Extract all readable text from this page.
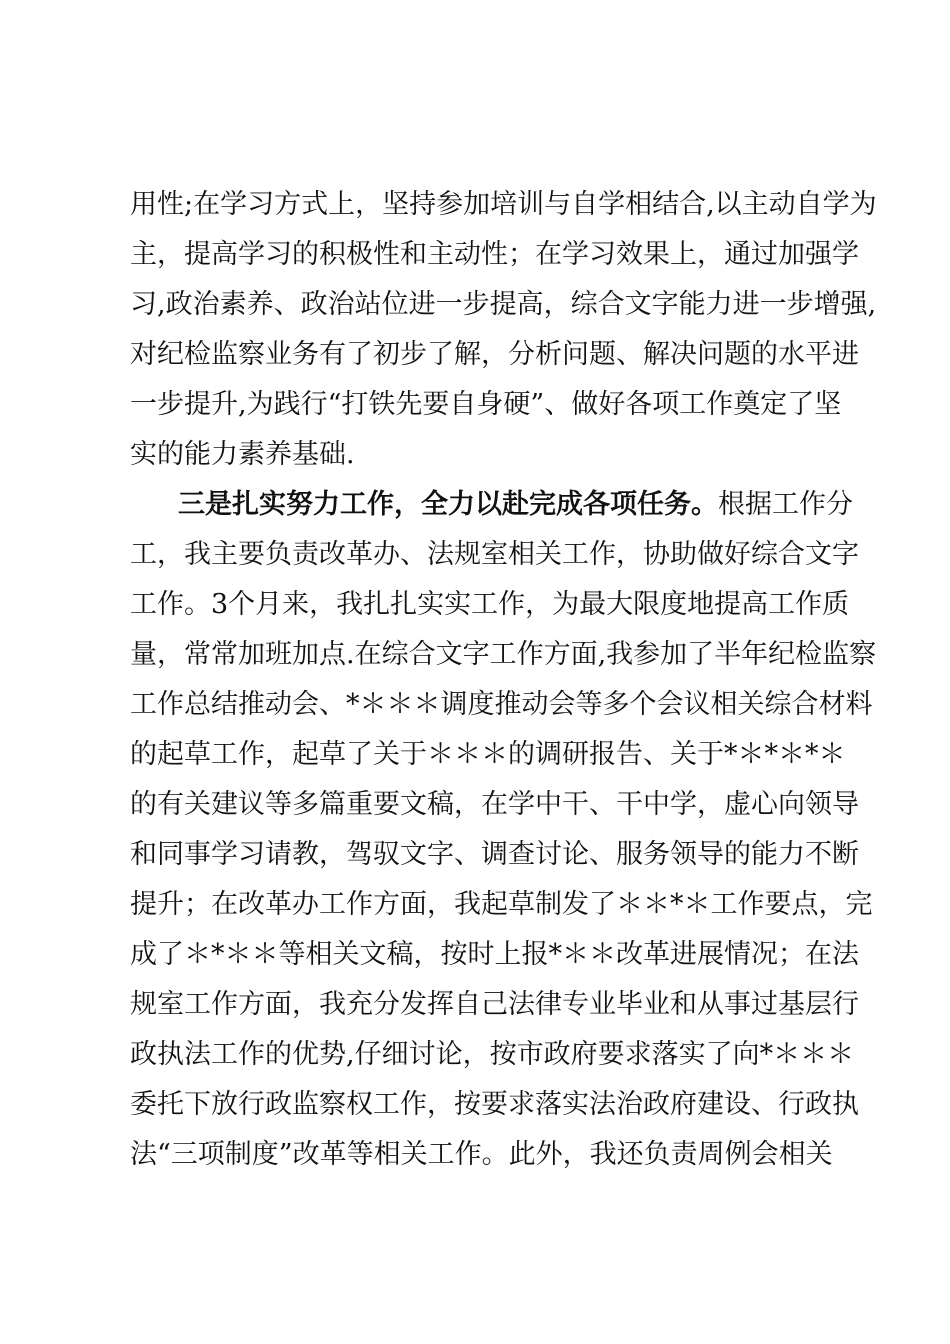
用性;在学习方式上，坚持参加培训与自学相结合,以主动自学为
主，提高学习的积极性和主动性；在学习效果上，通过加强学
习,政治素养、政治站位进一步提高，综合文字能力进一步增强,
对纪检监察业务有了初步了解，分析问题、解决问题的水平进
一步提升,为践行“打铁先要自身硬”、做好各项工作奠定了坚
实的能力素养基础.
三是扎实努力工作，全力以赴完成各项任务。根据工作分
工，我主要负责改革办、法规室相关工作，协助做好综合文字
工作。3个月来，我扎扎实实工作，为最大限度地提高工作质
量，常常加班加点.在综合文字工作方面,我参加了半年纪检监察
工作总结推动会、*＊＊＊调度推动会等多个会议相关综合材料
的起草工作，起草了关于＊＊＊的调研报告、关于*＊*＊*＊
的有关建议等多篇重要文稿，在学中干、干中学，虚心向领导
和同事学习请教，驾驭文字、调查讨论、服务领导的能力不断
提升；在改革办工作方面，我起草制发了＊＊*＊工作要点，完
成了＊*＊＊等相关文稿，按时上报*＊＊改革进展情况；在法
规室工作方面，我充分发挥自己法律专业毕业和从事过基层行
政执法工作的优势,仔细讨论，按市政府要求落实了向*＊＊＊
委托下放行政监察权工作，按要求落实法治政府建设、行政执
法“三项制度”改革等相关工作。此外，我还负责周例会相关
